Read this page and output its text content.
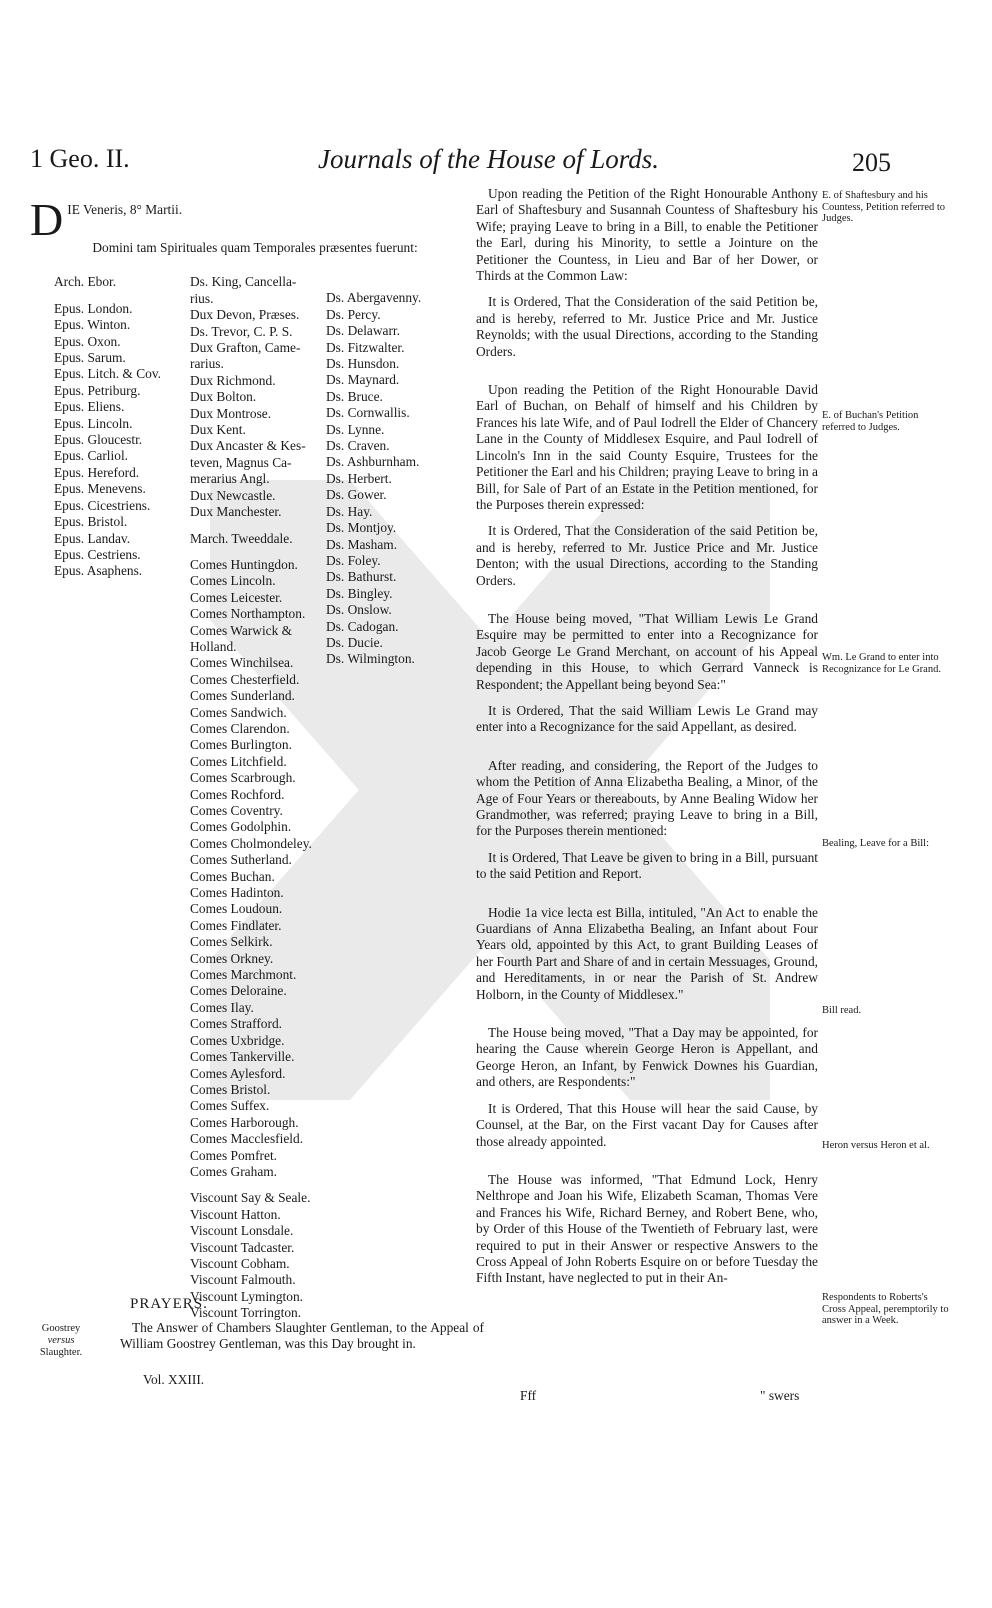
1 Geo. II.	Journals of the House of Lords.	205
D IE Veneris, 8° Martii.
Domini tam Spirituales quam Temporales præsentes fuerunt:
Arch. Ebor.
Epus. London.
Epus. Winton.
Epus. Oxon.
Epus. Sarum.
Epus. Litch. & Cov.
Epus. Petriburg.
Epus. Eliens.
Epus. Lincoln.
Epus. Gloucestr.
Epus. Carliol.
Epus. Hereford.
Epus. Menevens.
Epus. Cicestriens.
Epus. Bristol.
Epus. Landav.
Epus. Cestriens.
Epus. Asaphens.
Ds. King, Cancella-
rius.
Dux Devon, Præses.
Ds. Trevor, C. P. S.
Dux Grafton, Came-
rarius.
Dux Richmond.
Dux Bolton.
Dux Montrose.
Dux Kent.
Dux Ancaster & Kes-
teven, Magnus Ca-
merarius Angl.
Dux Newcastle.
Dux Manchester.
March. Tweeddale.
Comes Huntingdon.
Comes Lincoln.
Comes Leicester.
Comes Northampton.
Comes Warwick &
Holland.
Comes Winchilsea.
Comes Chesterfield.
Comes Sunderland.
Comes Sandwich.
Comes Clarendon.
Comes Burlington.
Comes Litchfield.
Comes Scarbrough.
Comes Rochford.
Comes Coventry.
Comes Godolphin.
Comes Cholmondeley.
Comes Sutherland.
Comes Buchan.
Comes Hadinton.
Comes Loudoun.
Comes Findlater.
Comes Selkirk.
Comes Orkney.
Comes Marchmont.
Comes Deloraine.
Comes Ilay.
Comes Strafford.
Comes Uxbridge.
Comes Tankerville.
Comes Aylesford.
Comes Bristol.
Comes Suffex.
Comes Harborough.
Comes Macclesfield.
Comes Pomfret.
Comes Graham.
Viscount Say & Seale.
Viscount Hatton.
Viscount Lonsdale.
Viscount Tadcaster.
Viscount Cobham.
Viscount Falmouth.
Viscount Lymington.
Viscount Torrington.
Ds. Abergavenny.
Ds. Percy.
Ds. Delawarr.
Ds. Fitzwalter.
Ds. Hunsdon.
Ds. Maynard.
Ds. Bruce.
Ds. Cornwallis.
Ds. Lynne.
Ds. Craven.
Ds. Ashburnham.
Ds. Herbert.
Ds. Gower.
Ds. Hay.
Ds. Montjoy.
Ds. Masham.
Ds. Foley.
Ds. Bathurst.
Ds. Bingley.
Ds. Onslow.
Ds. Cadogan.
Ds. Ducie.
Ds. Wilmington.
PRAYERS.
Goostrey
versus
Slaughter.
The Answer of Chambers Slaughter Gentleman, to the Appeal of William Goostrey Gentleman, was this Day brought in.
Vol. XXIII.

Upon reading the Petition of the Right Honourable Anthony Earl of Shaftesbury and Susannah Countess of Shaftesbury his Wife; praying Leave to bring in a Bill, to enable the Petitioner the Earl, during his Minority, to settle a Jointure on the Petitioner the Countess, in Lieu and Bar of her Dower, or Thirds at the Common Law:

It is Ordered, That the Consideration of the said Petition be, and is hereby, referred to Mr. Justice Price and Mr. Justice Reynolds; with the usual Directions, according to the Standing Orders.

Upon reading the Petition of the Right Honourable David Earl of Buchan, on Behalf of himself and his Children by Frances his late Wife, and of Paul Iodrell the Elder of Chancery Lane in the County of Middlesex Esquire, and Paul Iodrell of Lincoln's Inn in the said County Esquire, Trustees for the Petitioner the Earl and his Children; praying Leave to bring in a Bill, for Sale of Part of an Estate in the Petition mentioned, for the Purposes therein expressed:

It is Ordered, That the Consideration of the said Petition be, and is hereby, referred to Mr. Justice Price and Mr. Justice Denton; with the usual Directions, according to the Standing Orders.

The House being moved, "That William Lewis Le Grand Esquire may be permitted to enter into a Recognizance for Jacob George Le Grand Merchant, on account of his Appeal depending in this House, to which Gerrard Vanneck is Respondent; the Appellant being beyond Sea:"

It is Ordered, That the said William Lewis Le Grand may enter into a Recognizance for the said Appellant, as desired.

After reading, and considering, the Report of the Judges to whom the Petition of Anna Elizabetha Bealing, a Minor, of the Age of Four Years or thereabouts, by Anne Bealing Widow her Grandmother, was referred; praying Leave to bring in a Bill, for the Purposes therein mentioned:

It is Ordered, That Leave be given to bring in a Bill, pursuant to the said Petition and Report.

Hodie 1a vice lecta est Billa, intituled, "An Act to enable the Guardians of Anna Elizabetha Bealing, an Infant about Four Years old, appointed by this Act, to grant Building Leases of her Fourth Part and Share of and in certain Messuages, Ground, and Hereditaments, in or near the Parish of St. Andrew Holborn, in the County of Middlesex."

The House being moved, "That a Day may be appointed, for hearing the Cause wherein George Heron is Appellant, and George Heron, an Infant, by Fenwick Downes his Guardian, and others, are Respondents:"

It is Ordered, That this House will hear the said Cause, by Counsel, at the Bar, on the First vacant Day for Causes after those already appointed.

The House was informed, "That Edmund Lock, Henry Nelthrope and Joan his Wife, Elizabeth Scaman, Thomas Vere and Frances his Wife, Richard Berney, and Robert Bene, who, by Order of this House of the Twentieth of February last, were required to put in their Answer or respective Answers to the Cross Appeal of John Roberts Esquire on or before Tuesday the Fifth Instant, have neglected to put in their An-

E. of Shaftesbury and his Countess, Petition referred to Judges.
E. of Buchan's Petition referred to Judges.
Wm. Le Grand to enter into Recognizance for Le Grand.
Bealing, Leave for a Bill:
Bill read.
Heron versus Heron et al.
Respondents to Roberts's Cross Appeal, peremptorily to answer in a Week.
Fff	" swers
